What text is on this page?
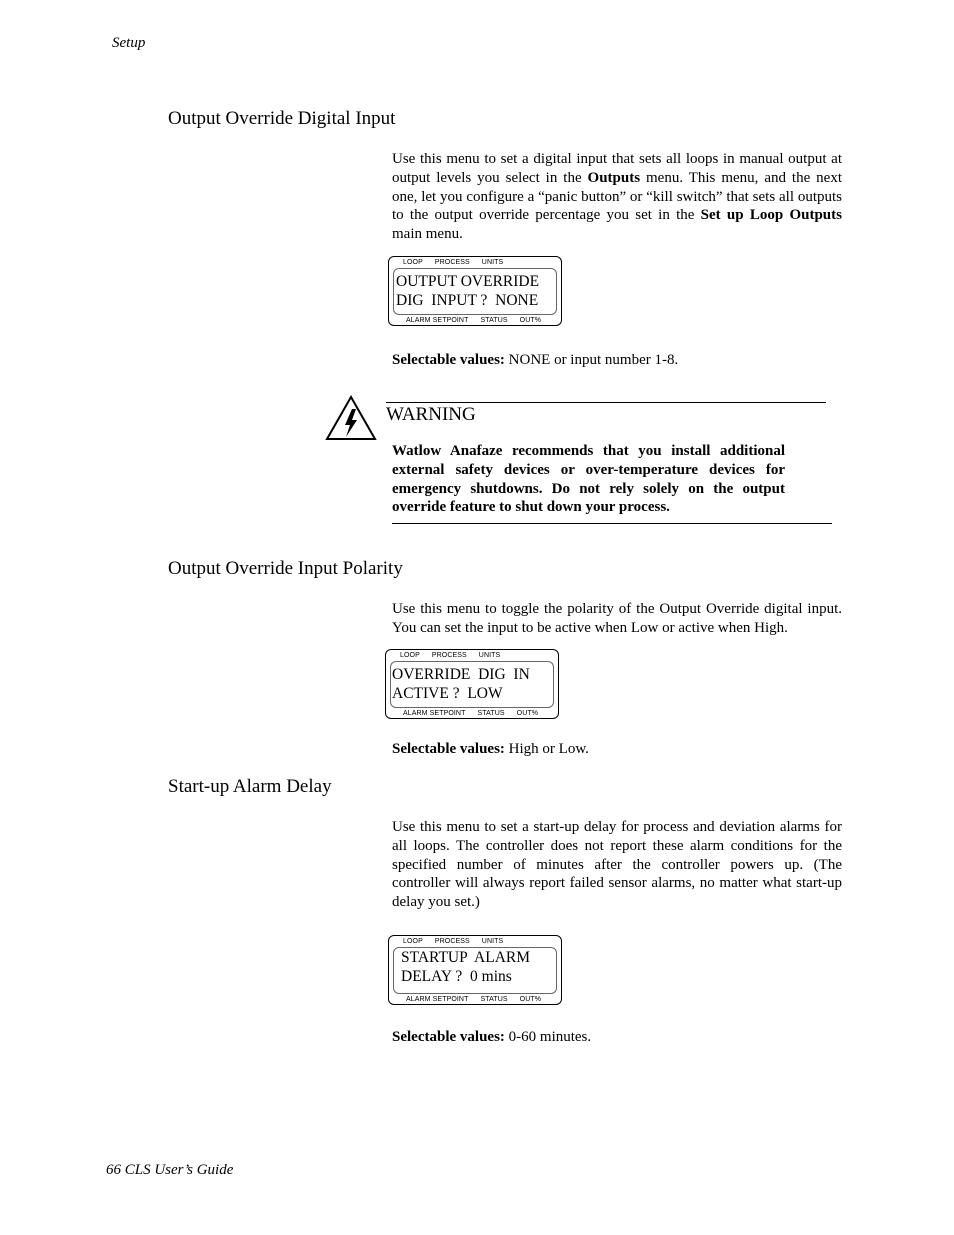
Setup
66 CLS User’s Guide
Output Override Digital Input
Use this menu to set a digital input that sets all loops in manual output at output levels you select in the Outputs menu. This menu, and the next one, let you configure a “panic button” or “kill switch” that sets all outputs to the output override percentage you set in the Set up Loop Outputs main menu.
LOOP PROCESS UNITS
OUTPUT OVERRIDE
DIG  INPUT ?  NONE
ALARM SETPOINT STATUS OUT%
Selectable values: NONE or input number 1-8.
WARNING
Watlow Anafaze recommends that you install additional external safety devices or over-temperature devices for emergency shutdowns. Do not rely solely on the output override feature to shut down your process.
Output Override Input Polarity
Use this menu to toggle the polarity of the Output Override digital input. You can set the input to be active when Low or active when High.
LOOP PROCESS UNITS
OVERRIDE  DIG  IN
ACTIVE ?  LOW
ALARM SETPOINT STATUS OUT%
Selectable values: High or Low.
Start-up Alarm Delay
Use this menu to set a start-up delay for process and deviation alarms for all loops. The controller does not report these alarm conditions for the specified number of minutes after the controller powers up. (The controller will always report failed sensor alarms, no matter what start-up delay you set.)
LOOP PROCESS UNITS
STARTUP  ALARM
DELAY ?  0 mins
ALARM SETPOINT STATUS OUT%
Selectable values: 0-60 minutes.
